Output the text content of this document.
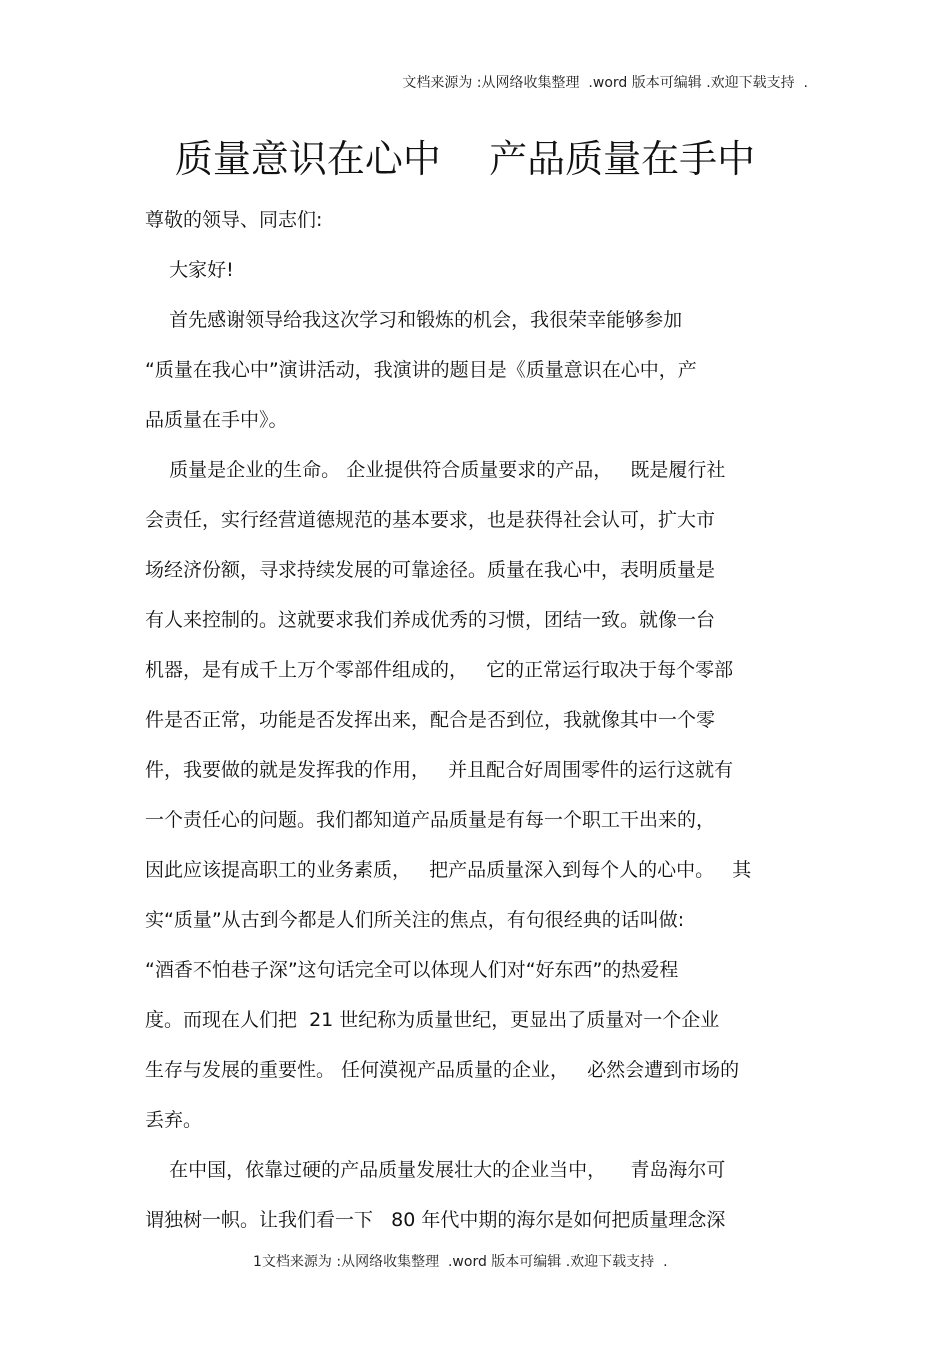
文档来源为 :从网络收集整理  .word 版本可编辑 .欢迎下载支持  .
质量意识在心中    产品质量在手中
尊敬的领导、同志们:
大家好!
首先感谢领导给我这次学习和锻炼的机会，我很荣幸能够参加
“质量在我心中”演讲活动，我演讲的题目是《质量意识在心中，产
品质量在手中》。
质量是企业的生命。 企业提供符合质量要求的产品，   既是履行社
会责任，实行经营道德规范的基本要求，也是获得社会认可，扩大市
场经济份额，寻求持续发展的可靠途径。质量在我心中，表明质量是
有人来控制的。这就要求我们养成优秀的习惯，团结一致。就像一台
机器，是有成千上万个零部件组成的，   它的正常运行取决于每个零部
件是否正常，功能是否发挥出来，配合是否到位，我就像其中一个零
件，我要做的就是发挥我的作用，   并且配合好周围零件的运行这就有
一个责任心的问题。我们都知道产品质量是有每一个职工干出来的，
因此应该提高职工的业务素质，   把产品质量深入到每个人的心中。   其
实“质量”从古到今都是人们所关注的焦点，有句很经典的话叫做:
“酒香不怕巷子深”这句话完全可以体现人们对“好东西”的热爱程
度。而现在人们把  21 世纪称为质量世纪，更显出了质量对一个企业
生存与发展的重要性。 任何漠视产品质量的企业，   必然会遭到市场的
丢弃。
在中国，依靠过硬的产品质量发展壮大的企业当中，    青岛海尔可
谓独树一帜。让我们看一下   80 年代中期的海尔是如何把质量理念深
1文档来源为 :从网络收集整理  .word 版本可编辑 .欢迎下载支持  .
